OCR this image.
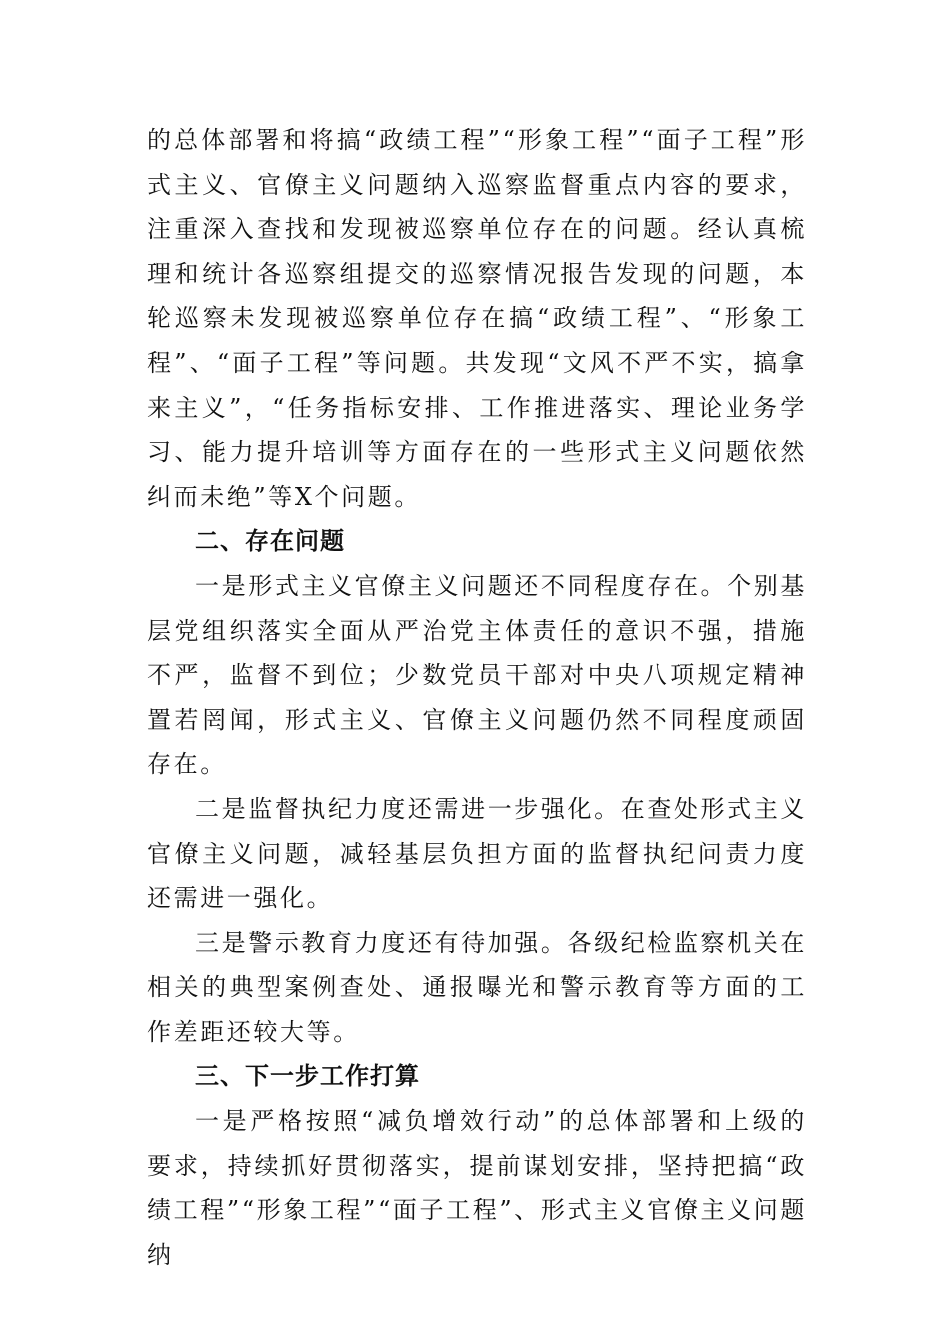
的总体部署和将搞“政绩工程”“形象工程”“面子工程”形式主义、官僚主义问题纳入巡察监督重点内容的要求，注重深入查找和发现被巡察单位存在的问题。经认真梳理和统计各巡察组提交的巡察情况报告发现的问题，本轮巡察未发现被巡察单位存在搞“政绩工程”、“形象工程”、“面子工程”等问题。共发现“文风不严不实，搞拿来主义”，“任务指标安排、工作推进落实、理论业务学习、能力提升培训等方面存在的一些形式主义问题依然纠而未绝”等X个问题。

二、存在问题

一是形式主义官僚主义问题还不同程度存在。个别基层党组织落实全面从严治党主体责任的意识不强，措施不严，监督不到位；少数党员干部对中央八项规定精神置若罔闻，形式主义、官僚主义问题仍然不同程度顽固存在。

二是监督执纪力度还需进一步强化。在查处形式主义官僚主义问题，减轻基层负担方面的监督执纪问责力度还需进一强化。

三是警示教育力度还有待加强。各级纪检监察机关在相关的典型案例查处、通报曝光和警示教育等方面的工作差距还较大等。

三、下一步工作打算

一是严格按照“减负增效行动”的总体部署和上级的要求，持续抓好贯彻落实，提前谋划安排，坚持把搞“政绩工程”“形象工程”“面子工程”、形式主义官僚主义问题纳
